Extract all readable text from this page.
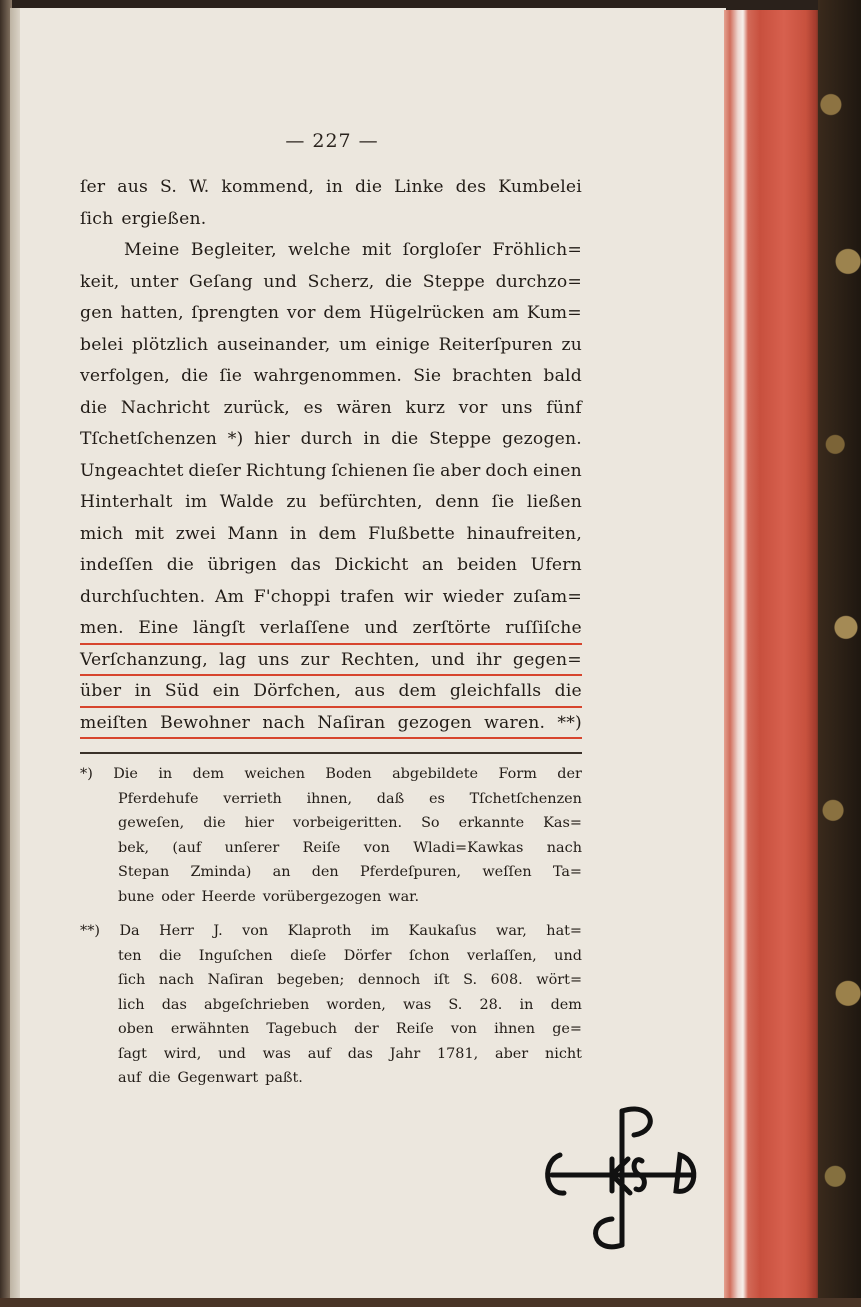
— 227 —
ſer aus S. W. kommend, in die Linke des Kumbelei
ſich ergießen.
Meine Begleiter, welche mit ſorgloſer Fröhlich=
keit, unter Geſang und Scherz, die Steppe durchzo=
gen hatten, ſprengten vor dem Hügelrücken am Kum=
belei plötzlich auseinander, um einige Reiterſpuren zu
verfolgen, die ſie wahrgenommen. Sie brachten bald
die Nachricht zurück, es wären kurz vor uns fünf
Tſchetſchenzen *) hier durch in die Steppe gezogen.
Ungeachtet dieſer Richtung ſchienen ſie aber doch einen
Hinterhalt im Walde zu befürchten, denn ſie ließen
mich mit zwei Mann in dem Flußbette hinaufreiten,
indeſſen die übrigen das Dickicht an beiden Ufern
durchſuchten. Am F'choppi trafen wir wieder zuſam=
men. Eine längſt verlaſſene und zerſtörte ruſſiſche
Verſchanzung, lag uns zur Rechten, und ihr gegen=
über in Süd ein Dörfchen, aus dem gleichfalls die
meiſten Bewohner nach Naſiran gezogen waren. **)
*) Die in dem weichen Boden abgebildete Form der
Pferdehufe verrieth ihnen, daß es Tſchetſchenzen
geweſen, die hier vorbeigeritten. So erkannte Kas=
bek, (auf unſerer Reiſe von Wladi=Kawkas nach
Stepan Zminda) an den Pferdeſpuren, weſſen Ta=
bune oder Heerde vorübergezogen war.
**) Da Herr J. von Klaproth im Kaukaſus war, hat=
ten die Inguſchen dieſe Dörfer ſchon verlaſſen, und
ſich nach Naſiran begeben; dennoch iſt S. 608. wört=
lich das abgeſchrieben worden, was S. 28. in dem
oben erwähnten Tagebuch der Reiſe von ihnen ge=
ſagt wird, und was auf das Jahr 1781, aber nicht
auf die Gegenwart paßt.
